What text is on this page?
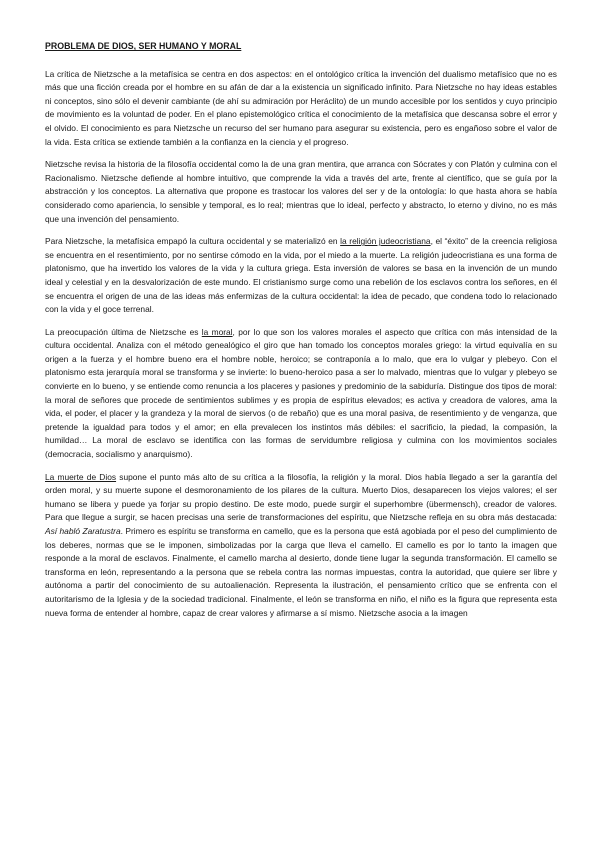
PROBLEMA DE DIOS, SER HUMANO Y MORAL

La crítica de Nietzsche a la metafísica se centra en dos aspectos: en el ontológico crítica la invención del dualismo metafísico que no es más que una ficción creada por el hombre en su afán de dar a la existencia un significado infinito. Para Nietzsche no hay ideas estables ni conceptos, sino sólo el devenir cambiante (de ahí su admiración por Heráclito) de un mundo accesible por los sentidos y cuyo principio de movimiento es la voluntad de poder. En el plano epistemológico crítica el conocimiento de la metafísica que descansa sobre el error y el olvido. El conocimiento es para Nietzsche un recurso del ser humano para asegurar su existencia, pero es engañoso sobre el valor de la vida. Esta crítica se extiende también a la confianza en la ciencia y el progreso.

Nietzsche revisa la historia de la filosofía occidental como la de una gran mentira, que arranca con Sócrates y con Platón y culmina con el Racionalismo. Nietzsche defiende al hombre intuitivo, que comprende la vida a través del arte, frente al científico, que se guía por la abstracción y los conceptos. La alternativa que propone es trastocar los valores del ser y de la ontología: lo que hasta ahora se había considerado como apariencia, lo sensible y temporal, es lo real; mientras que lo ideal, perfecto y abstracto, lo eterno y divino, no es más que una invención del pensamiento.

Para Nietzsche, la metafísica empapó la cultura occidental y se materializó en la religión judeocristiana, el “éxito” de la creencia religiosa se encuentra en el resentimiento, por no sentirse cómodo en la vida, por el miedo a la muerte. La religión judeocristiana es una forma de platonismo, que ha invertido los valores de la vida y la cultura griega. Esta inversión de valores se basa en la invención de un mundo ideal y celestial y en la desvalorización de este mundo. El cristianismo surge como una rebelión de los esclavos contra los señores, en él se encuentra el origen de una de las ideas más enfermizas de la cultura occidental: la idea de pecado, que condena todo lo relacionado con la vida y el goce terrenal.

La preocupación última de Nietzsche es la moral, por lo que son los valores morales el aspecto que crítica con más intensidad de la cultura occidental. Analiza con el método genealógico el giro que han tomado los conceptos morales griego: la virtud equivalía en su origen a la fuerza y el hombre bueno era el hombre noble, heroico; se contraponía a lo malo, que era lo vulgar y plebeyo. Con el platonismo esta jerarquía moral se transforma y se invierte: lo bueno-heroico pasa a ser lo malvado, mientras que lo vulgar y plebeyo se convierte en lo bueno, y se entiende como renuncia a los placeres y pasiones y predominio de la sabiduría. Distingue dos tipos de moral: la moral de señores que procede de sentimientos sublimes y es propia de espíritus elevados; es activa y creadora de valores, ama la vida, el poder, el placer y la grandeza y la moral de siervos (o de rebaño) que es una moral pasiva, de resentimiento y de venganza, que pretende la igualdad para todos y el amor; en ella prevalecen los instintos más débiles: el sacrificio, la piedad, la compasión, la humildad… La moral de esclavo se identifica con las formas de servidumbre religiosa y culmina con los movimientos sociales (democracia, socialismo y anarquismo).

La muerte de Dios supone el punto más alto de su crítica a la filosofía, la religión y la moral. Dios había llegado a ser la garantía del orden moral, y su muerte supone el desmoronamiento de los pilares de la cultura. Muerto Dios, desaparecen los viejos valores; el ser humano se libera y puede ya forjar su propio destino. De este modo, puede surgir el superhombre (übermensch), creador de valores. Para que llegue a surgir, se hacen precisas una serie de transformaciones del espíritu, que Nietzsche refleja en su obra más destacada: Así habló Zaratustra. Primero es espíritu se transforma en camello, que es la persona que está agobiada por el peso del cumplimiento de los deberes, normas que se le imponen, simbolizadas por la carga que lleva el camello. El camello es por lo tanto la imagen que responde a la moral de esclavos. Finalmente, el camello marcha al desierto, donde tiene lugar la segunda transformación. El camello se transforma en león, representando a la persona que se rebela contra las normas impuestas, contra la autoridad, que quiere ser libre y autónoma a partir del conocimiento de su autoalienación. Representa la ilustración, el pensamiento crítico que se enfrenta con el autoritarismo de la Iglesia y de la sociedad tradicional. Finalmente, el león se transforma en niño, el niño es la figura que representa esta nueva forma de entender al hombre, capaz de crear valores y afirmarse a sí mismo. Nietzsche asocia a la imagen
